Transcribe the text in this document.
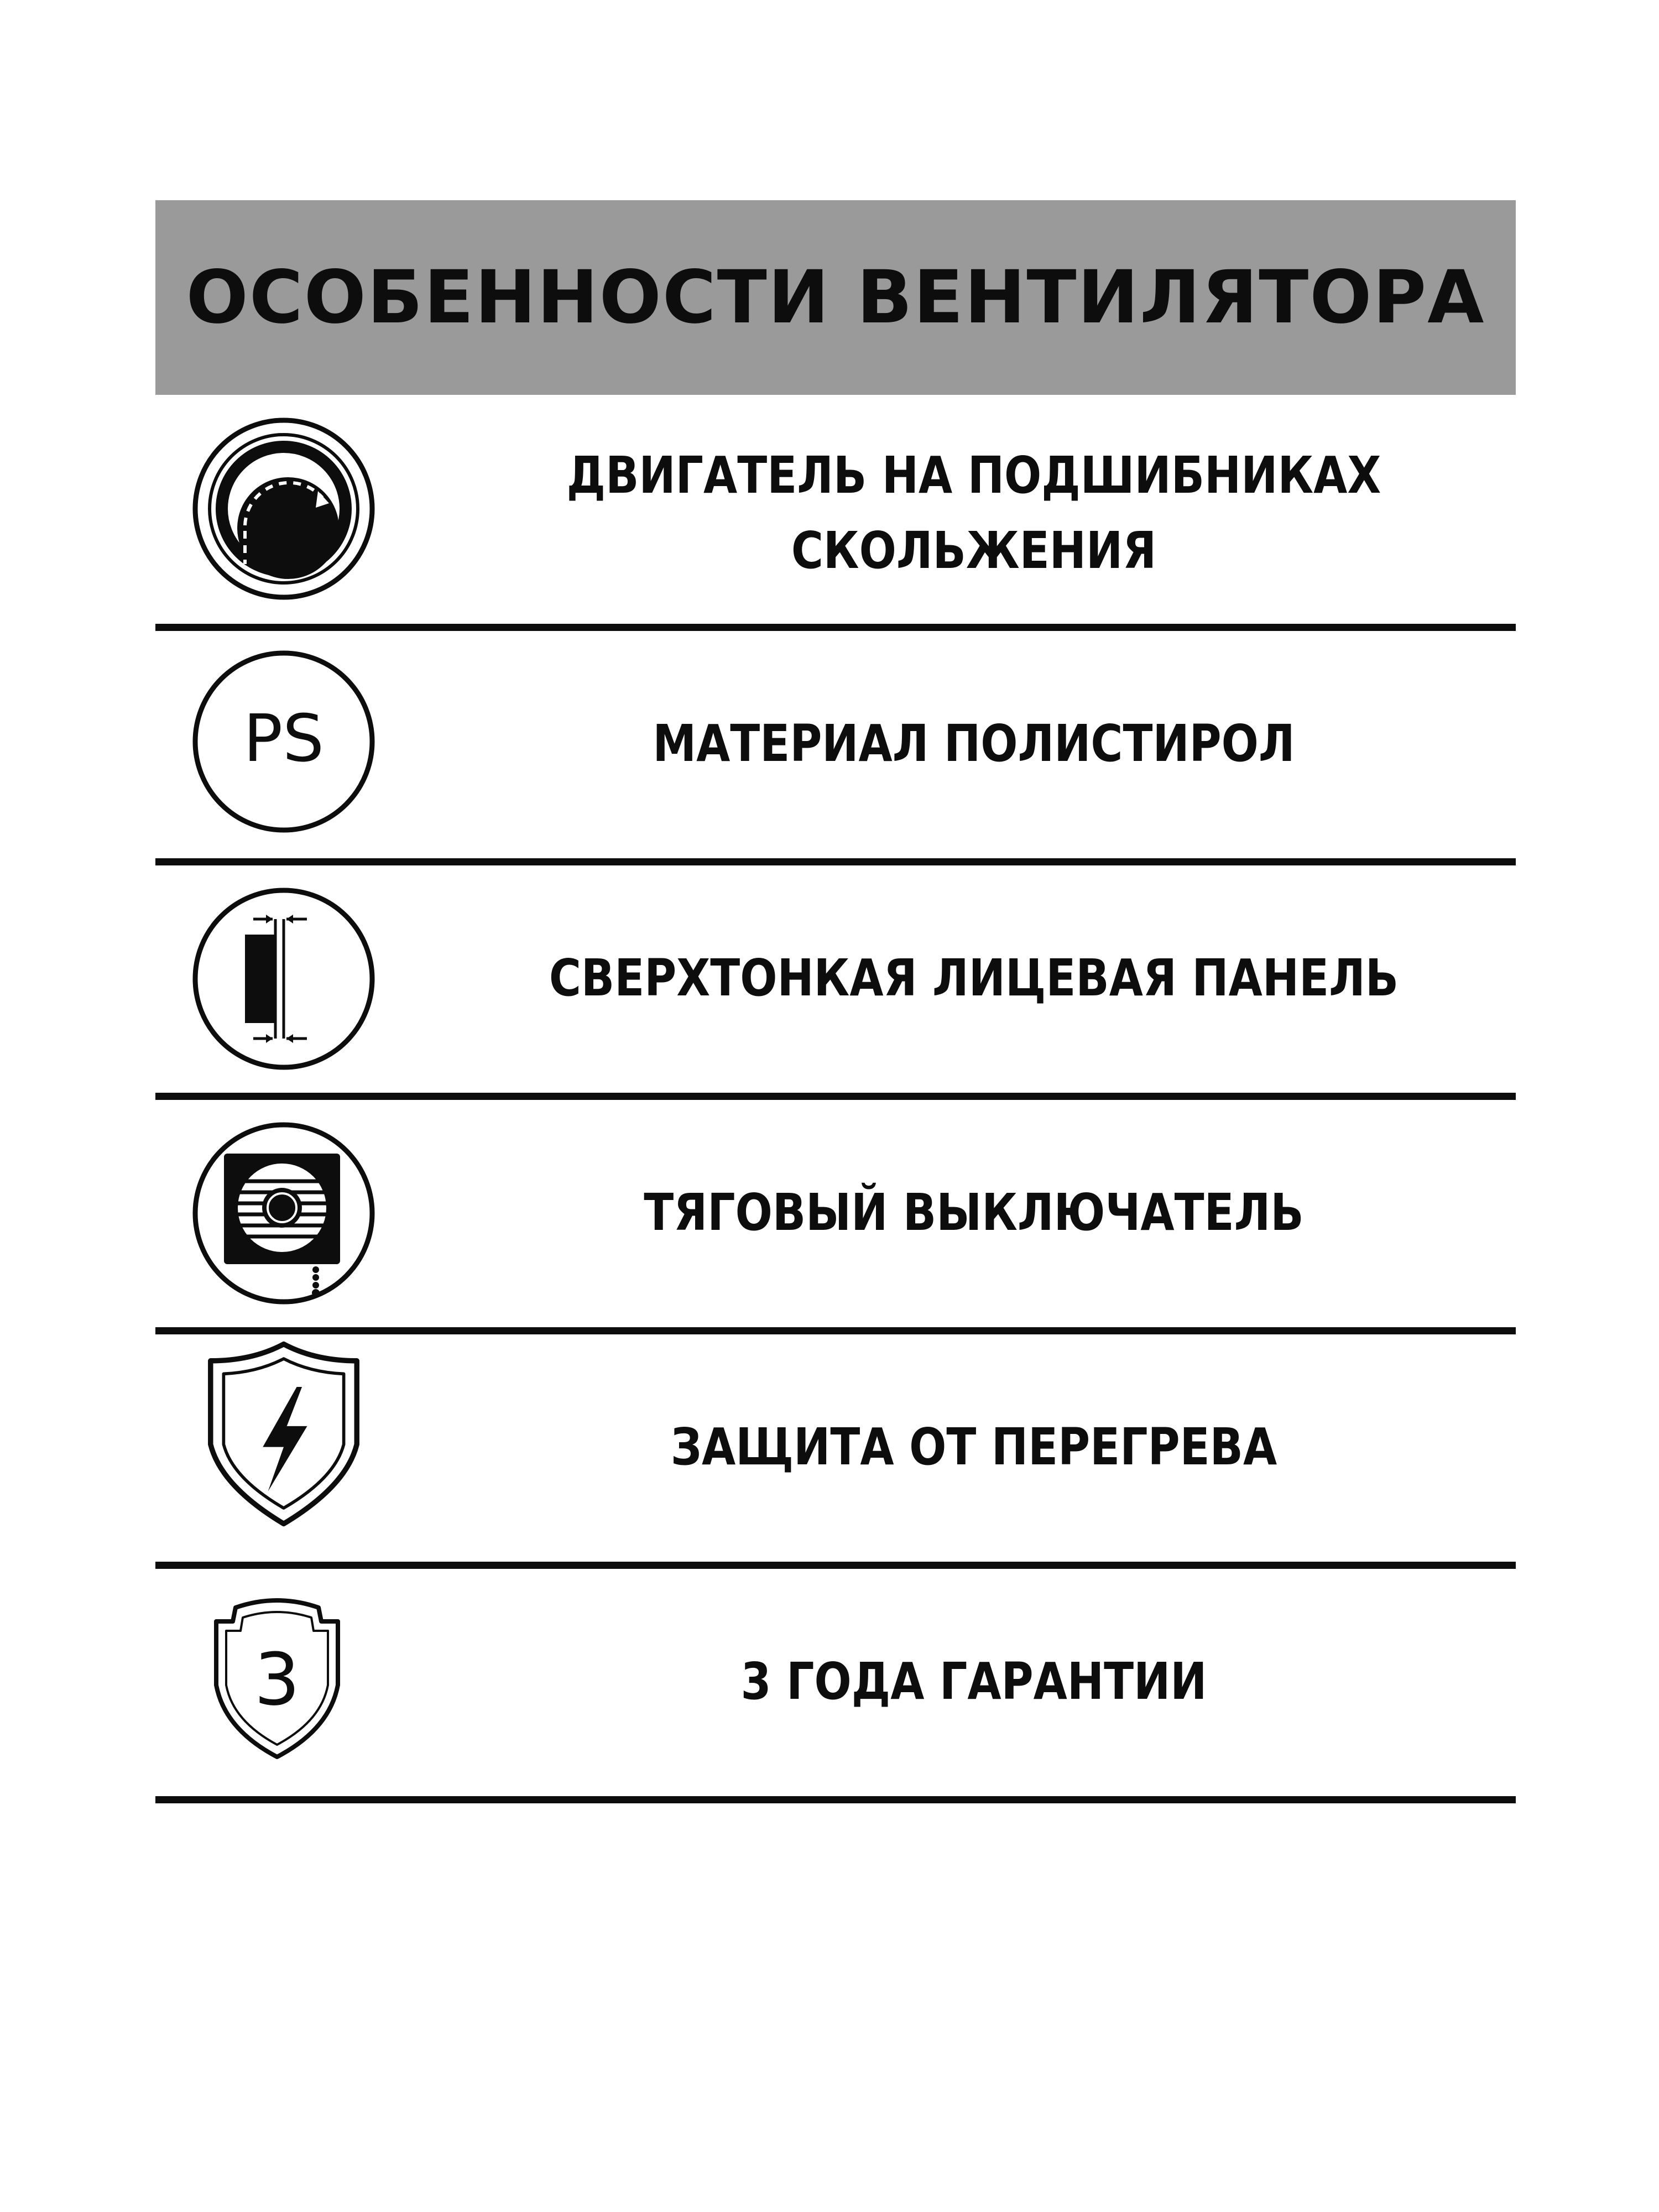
ОСОБЕННОСТИ ВЕНТИЛЯТОРА
ДВИГАТЕЛЬ НА ПОДШИБНИКАХ
СКОЛЬЖЕНИЯ
PS	МАТЕРИАЛ ПОЛИСТИРОЛ
СВЕРХТОНКАЯ ЛИЦЕВАЯ ПАНЕЛЬ
ТЯГОВЫЙ ВЫКЛЮЧАТЕЛЬ
ЗАЩИТА ОТ ПЕРЕГРЕВА
3	3 ГОДА ГАРАНТИИ
